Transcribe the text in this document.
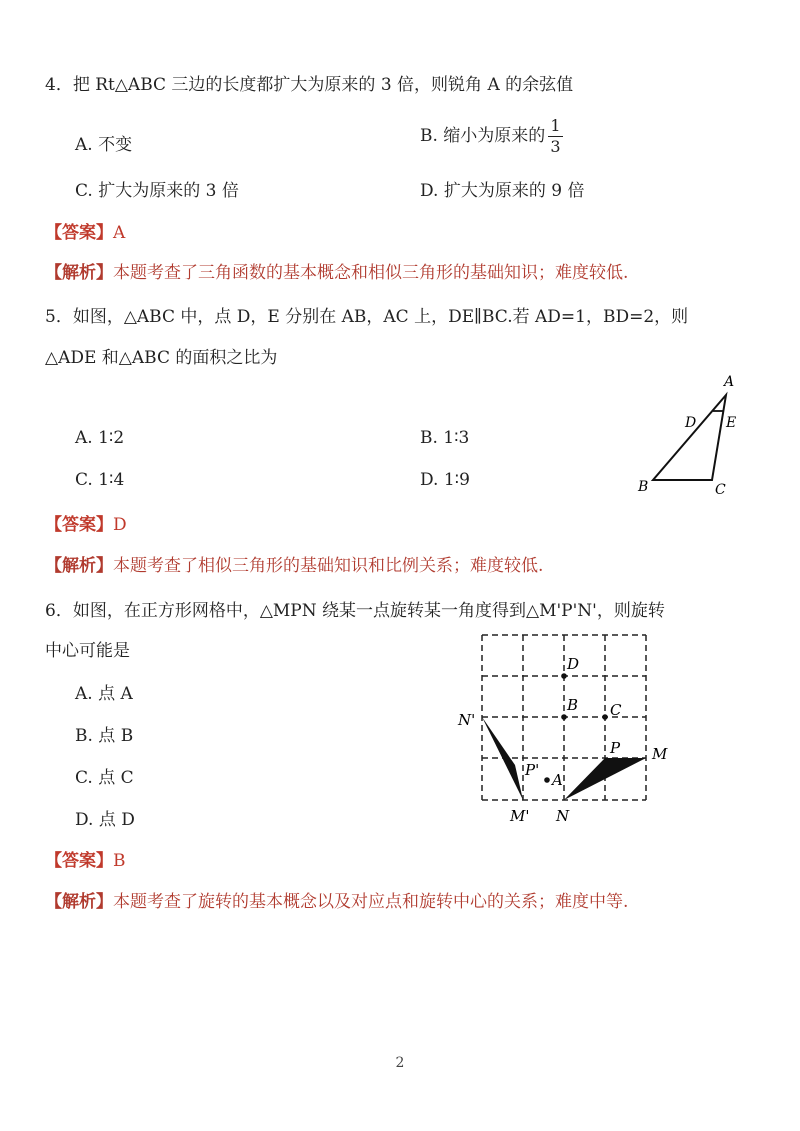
4．把 Rt△ABC 三边的长度都扩大为原来的 3 倍，则锐角 A 的余弦值
A. 不变	B. 缩小为原来的 $\frac{1}{3}$
C. 扩大为原来的 3 倍	D. 扩大为原来的 9 倍
【答案】A
【解析】本题考查了三角函数的基本概念和相似三角形的基础知识；难度较低.
5．如图，△ABC 中，点 D，E 分别在 AB，AC 上，DE∥BC.若 AD=1，BD=2，则
△ADE 和△ABC 的面积之比为
A. 1∶2	B. 1∶3
C. 1∶4	D. 1∶9
A
D E
B	C
【答案】D
【解析】本题考查了相似三角形的基础知识和比例关系；难度较低.
6．如图，在正方形网格中，△MPN 绕某一点旋转某一角度得到△M'P'N'，则旋转
中心可能是
A. 点 A
B. 点 B
C. 点 C
D. 点 D
D
B C
N'
P'
A
P M
M' N
【答案】B
【解析】本题考查了旋转的基本概念以及对应点和旋转中心的关系；难度中等.
2
